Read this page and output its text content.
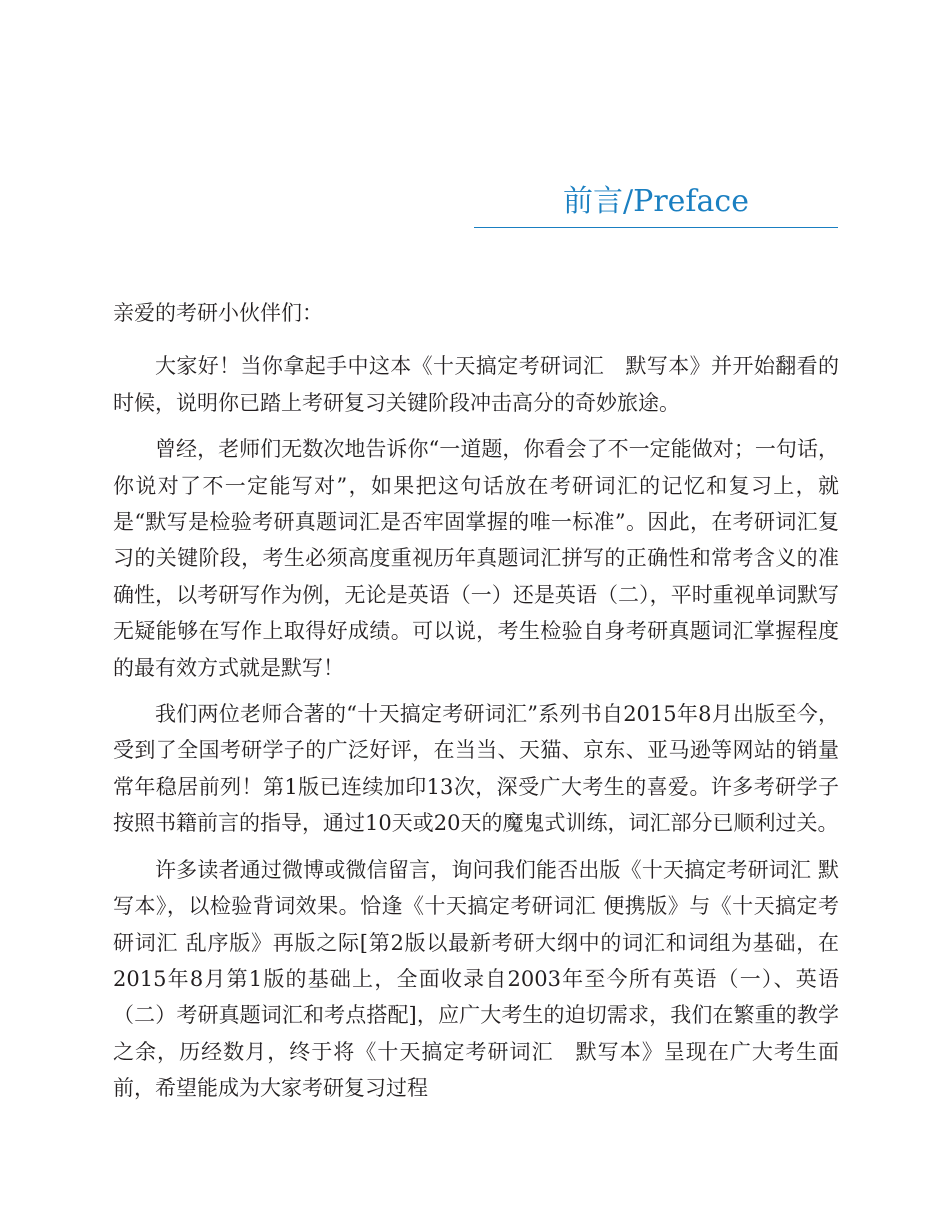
前言/Preface

亲爱的考研小伙伴们：

大家好！当你拿起手中这本《十天搞定考研词汇　默写本》并开始翻看的时候，说明你已踏上考研复习关键阶段冲击高分的奇妙旅途。

曾经，老师们无数次地告诉你“一道题，你看会了不一定能做对；一句话，你说对了不一定能写对”，如果把这句话放在考研词汇的记忆和复习上，就是“默写是检验考研真题词汇是否牢固掌握的唯一标准”。因此，在考研词汇复习的关键阶段，考生必须高度重视历年真题词汇拼写的正确性和常考含义的准确性，以考研写作为例，无论是英语（一）还是英语（二），平时重视单词默写无疑能够在写作上取得好成绩。可以说，考生检验自身考研真题词汇掌握程度的最有效方式就是默写！

我们两位老师合著的“十天搞定考研词汇”系列书自2015年8月出版至今，受到了全国考研学子的广泛好评，在当当、天猫、京东、亚马逊等网站的销量常年稳居前列！第1版已连续加印13次，深受广大考生的喜爱。许多考研学子按照书籍前言的指导，通过10天或20天的魔鬼式训练，词汇部分已顺利过关。

许多读者通过微博或微信留言，询问我们能否出版《十天搞定考研词汇 默写本》，以检验背词效果。恰逢《十天搞定考研词汇 便携版》与《十天搞定考研词汇 乱序版》再版之际[第2版以最新考研大纲中的词汇和词组为基础，在2015年8月第1版的基础上，全面收录自2003年至今所有英语（一）、英语（二）考研真题词汇和考点搭配]，应广大考生的迫切需求，我们在繁重的教学之余，历经数月，终于将《十天搞定考研词汇　默写本》呈现在广大考生面前，希望能成为大家考研复习过程
